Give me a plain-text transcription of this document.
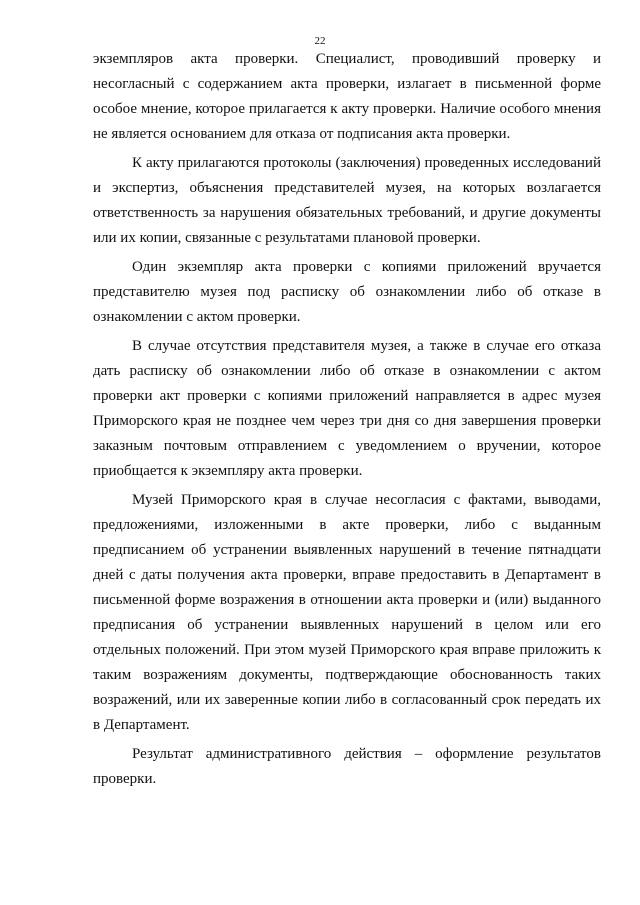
22

экземпляров акта проверки. Специалист, проводивший проверку и несогласный с содержанием акта проверки, излагает в письменной форме особое мнение, которое прилагается к акту проверки. Наличие особого мнения не является основанием для отказа от подписания акта проверки.

К акту прилагаются протоколы (заключения) проведенных исследований и экспертиз, объяснения представителей музея, на которых возлагается ответственность за нарушения обязательных требований, и другие документы или их копии, связанные с результатами плановой проверки.

Один экземпляр акта проверки с копиями приложений вручается представителю музея под расписку об ознакомлении либо об отказе в ознакомлении с актом проверки.

В случае отсутствия представителя музея, а также в случае его отказа дать расписку об ознакомлении либо об отказе в ознакомлении с актом проверки акт проверки с копиями приложений направляется в адрес музея Приморского края не позднее чем через три дня со дня завершения проверки заказным почтовым отправлением с уведомлением о вручении, которое приобщается к экземпляру акта проверки.

Музей Приморского края в случае несогласия с фактами, выводами, предложениями, изложенными в акте проверки, либо с выданным предписанием об устранении выявленных нарушений в течение пятнадцати дней с даты получения акта проверки, вправе предоставить в Департамент в письменной форме возражения в отношении акта проверки и (или) выданного предписания об устранении выявленных нарушений в целом или его отдельных положений. При этом музей Приморского края вправе приложить к таким возражениям документы, подтверждающие обоснованность таких возражений, или их заверенные копии либо в согласованный срок передать их в Департамент.

Результат административного действия – оформление результатов проверки.
